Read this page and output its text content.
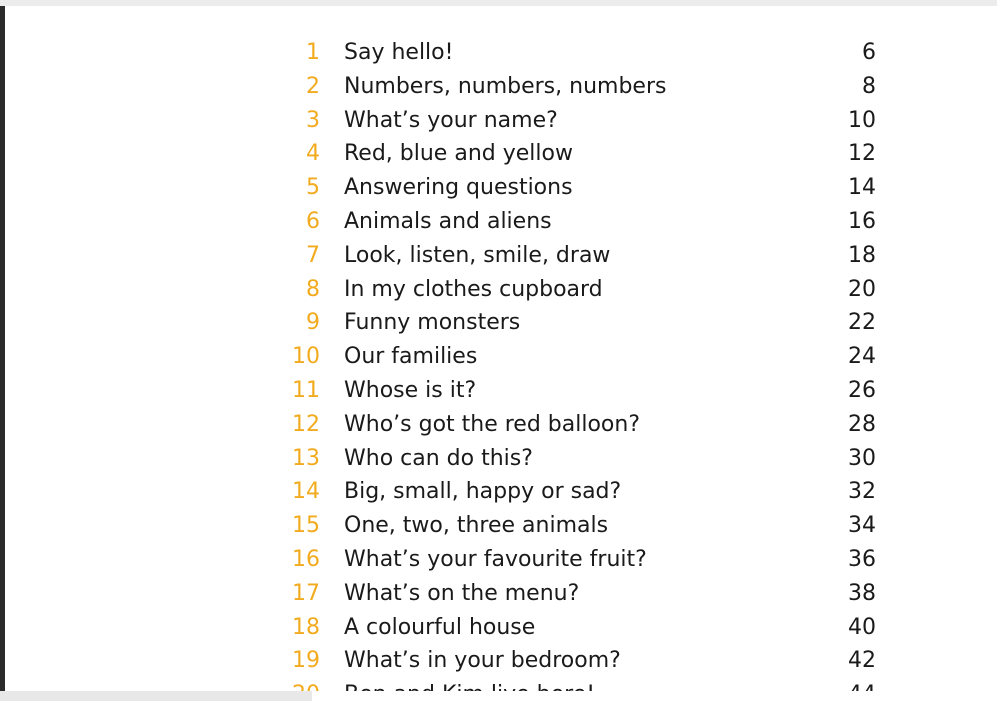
1 Say hello!	6
2 Numbers, numbers, numbers	8
3 What’s your name?	10
4 Red, blue and yellow	12
5 Answering questions	14
6 Animals and aliens	16
7 Look, listen, smile, draw	18
8 In my clothes cupboard	20
9 Funny monsters	22
10 Our families	24
11 Whose is it?	26
12 Who’s got the red balloon?	28
13 Who can do this?	30
14 Big, small, happy or sad?	32
15 One, two, three animals	34
16 What’s your favourite fruit?	36
17 What’s on the menu?	38
18 A colourful house	40
19 What’s in your bedroom?	42
